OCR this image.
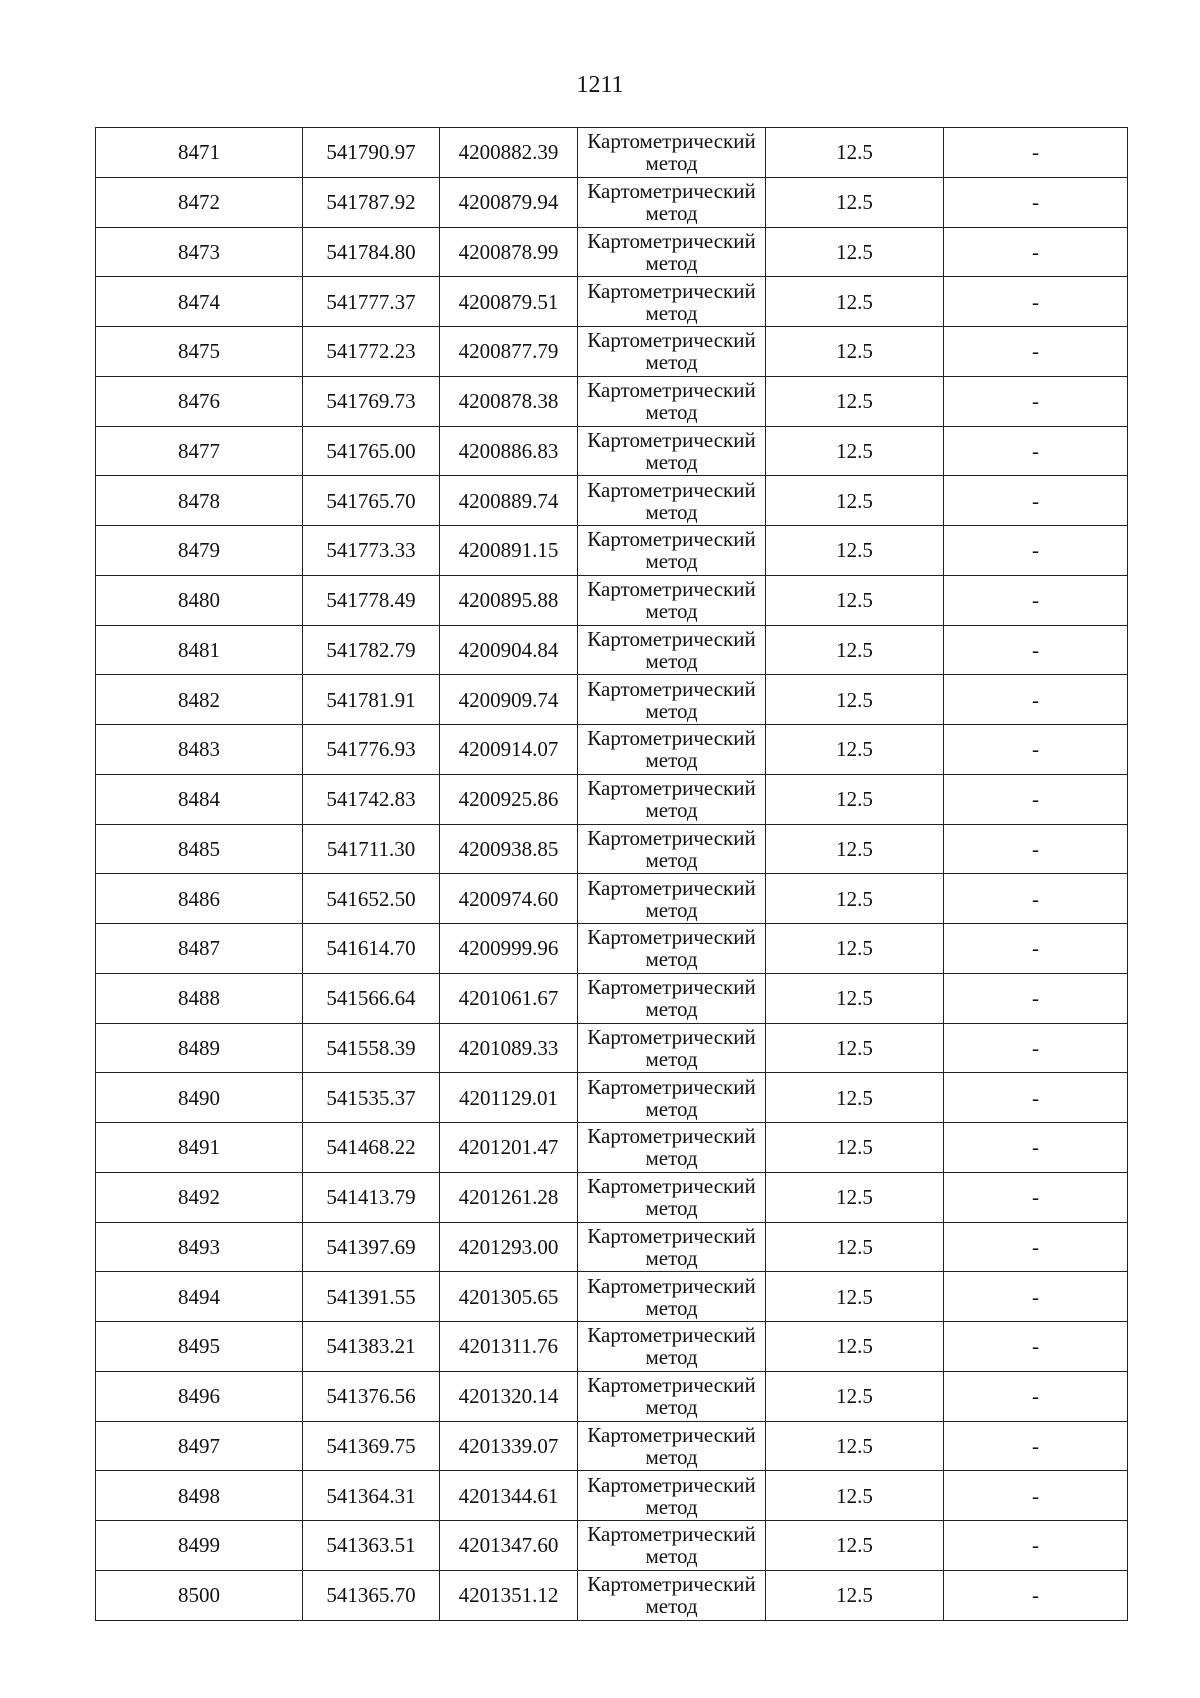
1211
8471	541790.97	4200882.39	Картометрический метод	12.5	-
8472	541787.92	4200879.94	Картометрический метод	12.5	-
8473	541784.80	4200878.99	Картометрический метод	12.5	-
8474	541777.37	4200879.51	Картометрический метод	12.5	-
8475	541772.23	4200877.79	Картометрический метод	12.5	-
8476	541769.73	4200878.38	Картометрический метод	12.5	-
8477	541765.00	4200886.83	Картометрический метод	12.5	-
8478	541765.70	4200889.74	Картометрический метод	12.5	-
8479	541773.33	4200891.15	Картометрический метод	12.5	-
8480	541778.49	4200895.88	Картометрический метод	12.5	-
8481	541782.79	4200904.84	Картометрический метод	12.5	-
8482	541781.91	4200909.74	Картометрический метод	12.5	-
8483	541776.93	4200914.07	Картометрический метод	12.5	-
8484	541742.83	4200925.86	Картометрический метод	12.5	-
8485	541711.30	4200938.85	Картометрический метод	12.5	-
8486	541652.50	4200974.60	Картометрический метод	12.5	-
8487	541614.70	4200999.96	Картометрический метод	12.5	-
8488	541566.64	4201061.67	Картометрический метод	12.5	-
8489	541558.39	4201089.33	Картометрический метод	12.5	-
8490	541535.37	4201129.01	Картометрический метод	12.5	-
8491	541468.22	4201201.47	Картометрический метод	12.5	-
8492	541413.79	4201261.28	Картометрический метод	12.5	-
8493	541397.69	4201293.00	Картометрический метод	12.5	-
8494	541391.55	4201305.65	Картометрический метод	12.5	-
8495	541383.21	4201311.76	Картометрический метод	12.5	-
8496	541376.56	4201320.14	Картометрический метод	12.5	-
8497	541369.75	4201339.07	Картометрический метод	12.5	-
8498	541364.31	4201344.61	Картометрический метод	12.5	-
8499	541363.51	4201347.60	Картометрический метод	12.5	-
8500	541365.70	4201351.12	Картометрический метод	12.5	-
